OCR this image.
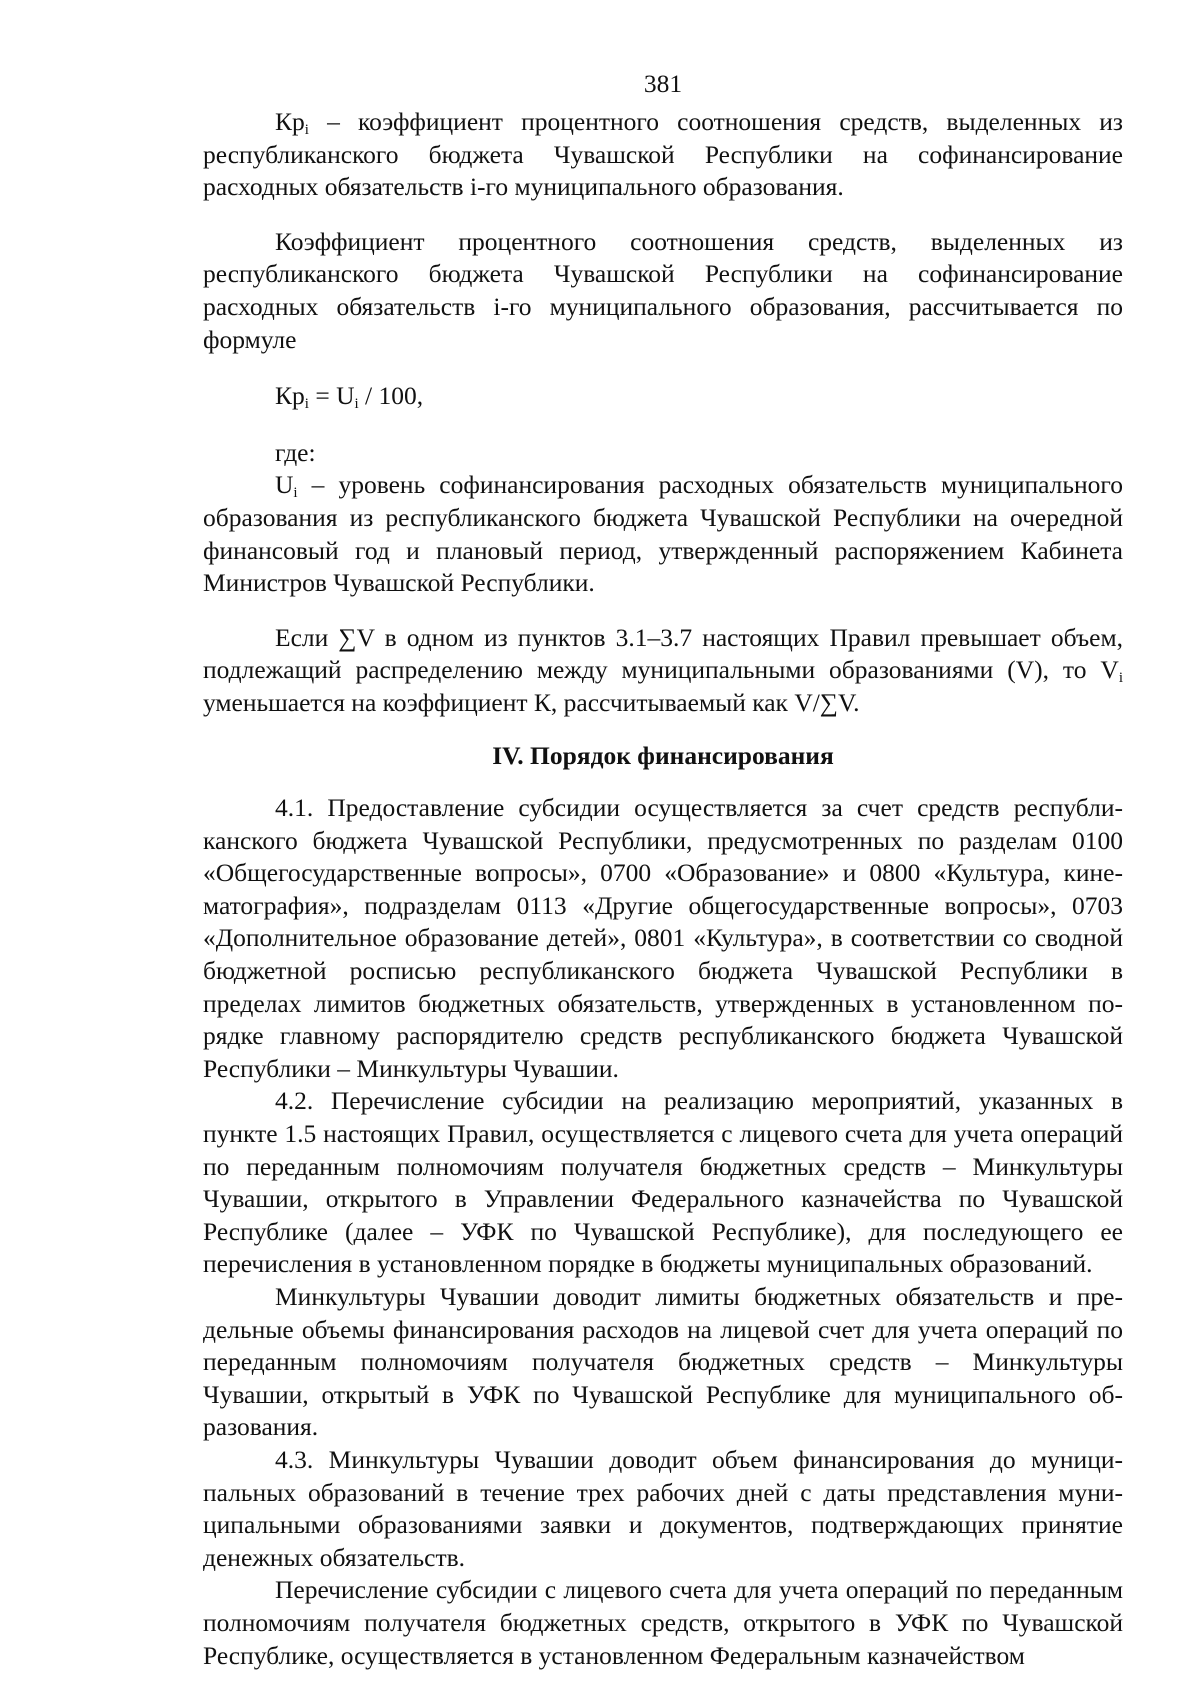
381

$Кр_i$ – коэффициент процентного соотношения средств, выделенных из республиканского бюджета Чувашской Республики на софинансирование расходных обязательств i-го муниципального образования.

Коэффициент процентного соотношения средств, выделенных из республиканского бюджета Чувашской Республики на софинансирование расходных обязательств i-го муниципального образования, рассчитывается по формуле

$Кр_i = U_i / 100$,

где:

$U_i$ – уровень софинансирования расходных обязательств муниципального образования из республиканского бюджета Чувашской Республики на очередной финансовый год и плановый период, утвержденный распоряжением Кабинета Министров Чувашской Республики.

Если ∑V в одном из пунктов 3.1–3.7 настоящих Правил превышает объем, подлежащий распределению между муниципальными образованиями (V), то $V_i$ уменьшается на коэффициент К, рассчитываемый как V/∑V.

IV. Порядок финансирования

4.1. Предоставление субсидии осуществляется за счет средств республиканского бюджета Чувашской Республики, предусмотренных по разделам 0100 «Общегосударственные вопросы», 0700 «Образование» и 0800 «Культура, кинематография», подразделам 0113 «Другие общегосударственные вопросы», 0703 «Дополнительное образование детей», 0801 «Культура», в соответствии со сводной бюджетной росписью республиканского бюджета Чувашской Республики в пределах лимитов бюджетных обязательств, утвержденных в установленном порядке главному распорядителю средств республиканского бюджета Чувашской Республики – Минкультуры Чувашии.

4.2. Перечисление субсидии на реализацию мероприятий, указанных в пункте 1.5 настоящих Правил, осуществляется с лицевого счета для учета операций по переданным полномочиям получателя бюджетных средств – Минкультуры Чувашии, открытого в Управлении Федерального казначейства по Чувашской Республике (далее – УФК по Чувашской Республике), для последующего ее перечисления в установленном порядке в бюджеты муниципальных образований.

Минкультуры Чувашии доводит лимиты бюджетных обязательств и предельные объемы финансирования расходов на лицевой счет для учета операций по переданным полномочиям получателя бюджетных средств – Минкультуры Чувашии, открытый в УФК по Чувашской Республике для муниципального образования.

4.3. Минкультуры Чувашии доводит объем финансирования до муниципальных образований в течение трех рабочих дней с даты представления муниципальными образованиями заявки и документов, подтверждающих принятие денежных обязательств.

Перечисление субсидии с лицевого счета для учета операций по переданным полномочиям получателя бюджетных средств, открытого в УФК по Чувашской Республике, осуществляется в установленном Федеральным казначейством
